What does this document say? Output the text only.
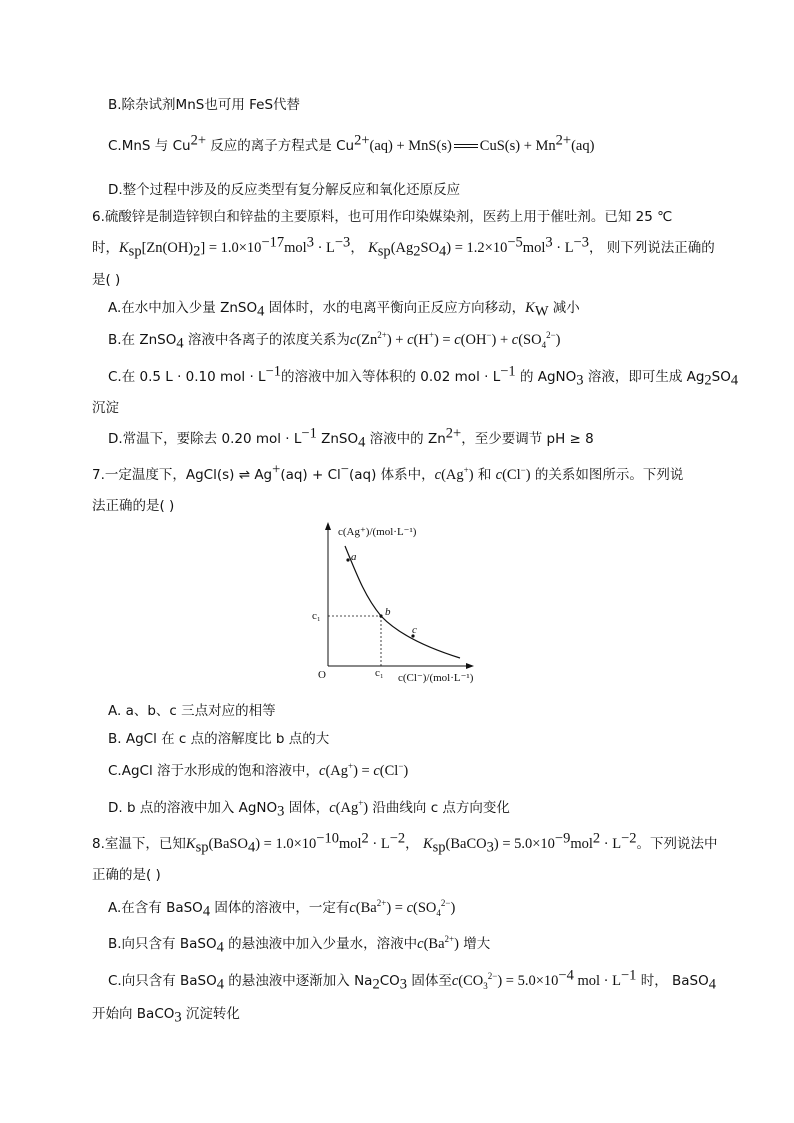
B.除杂试剂MnS也可用 FeS代替
C.MnS 与 $Cu^{2+}$ 反应的离子方程式是 $Cu^{2+}(aq) + MnS(s) CuS(s) + Mn^{2+}(aq)$
D.整个过程中涉及的反应类型有复分解反应和氧化还原反应
6.硫酸锌是制造锌钡白和锌盐的主要原料，也可用作印染媒染剂，医药上用于催吐剂。已知 25 ℃
时，$K_{sp}[Zn(OH)_2] = 1.0\times 10^{-17}mol^3 \cdot L^{-3}$， $K_{sp}(Ag_2SO_4) = 1.2\times 10^{-5}mol^3 \cdot L^{-3}$， 则下列说法正确的
是( )
A.在水中加入少量 ZnSO$_4$ 固体时，水的电离平衡向正反应方向移动，$K_W$ 减小
B.在 ZnSO$_4$ 溶液中各离子的浓度关系为$c(Zn^{2+}) + c(H^+) = c(OH^-) + c(SO_4^{2-})$
C.在 0.5 L · 0.10 mol · $L^{-1}$的溶液中加入等体积的 0.02 mol · $L^{-1}$ 的 AgNO$_3$ 溶液，即可生成 $Ag_2SO_4$
沉淀
D.常温下，要除去 0.20 mol · $L^{-1}$ ZnSO$_4$ 溶液中的 $Zn^{2+}$，至少要调节 pH ≥ 8
7.一定温度下，AgCl(s) ⇌ Ag+(aq) + Cl−(aq) 体系中，c(Ag+) 和 c(Cl−) 的关系如图所示。下列说
法正确的是( )
a
b
c
c(Ag⁺)/(mol·L⁻¹)
c(Cl⁻)/(mol·L⁻¹)
O	c₁
c₁
A. a、b、c 三点对应的相等
B. AgCl 在 c 点的溶解度比 b 点的大
C.AgCl 溶于水形成的饱和溶液中，c(Ag+) = c(Cl−)
D. b 点的溶液中加入 AgNO$_3$ 固体，c(Ag+) 沿曲线向 c 点方向变化
8.室温下，已知$K_{sp}(BaSO_4) = 1.0\times 10^{-10}mol^2 \cdot L^{-2}$， $K_{sp}(BaCO_3) = 5.0\times 10^{-9}mol^2 \cdot L^{-2}$。下列说法中
正确的是( )
A.在含有 BaSO$_4$ 固体的溶液中，一定有$c(Ba^{2+}) = c(SO_4^{2-})$
B.向只含有 BaSO$_4$ 的悬浊液中加入少量水，溶液中$c(Ba^{2+})$ 增大
C.向只含有 BaSO$_4$ 的悬浊液中逐渐加入 $Na_2CO_3$ 固体至$c(CO_3^{2-}) = 5.0\times 10^{-4}$ mol · $L^{-1}$ 时， BaSO$_4$
开始向 BaCO$_3$ 沉淀转化
